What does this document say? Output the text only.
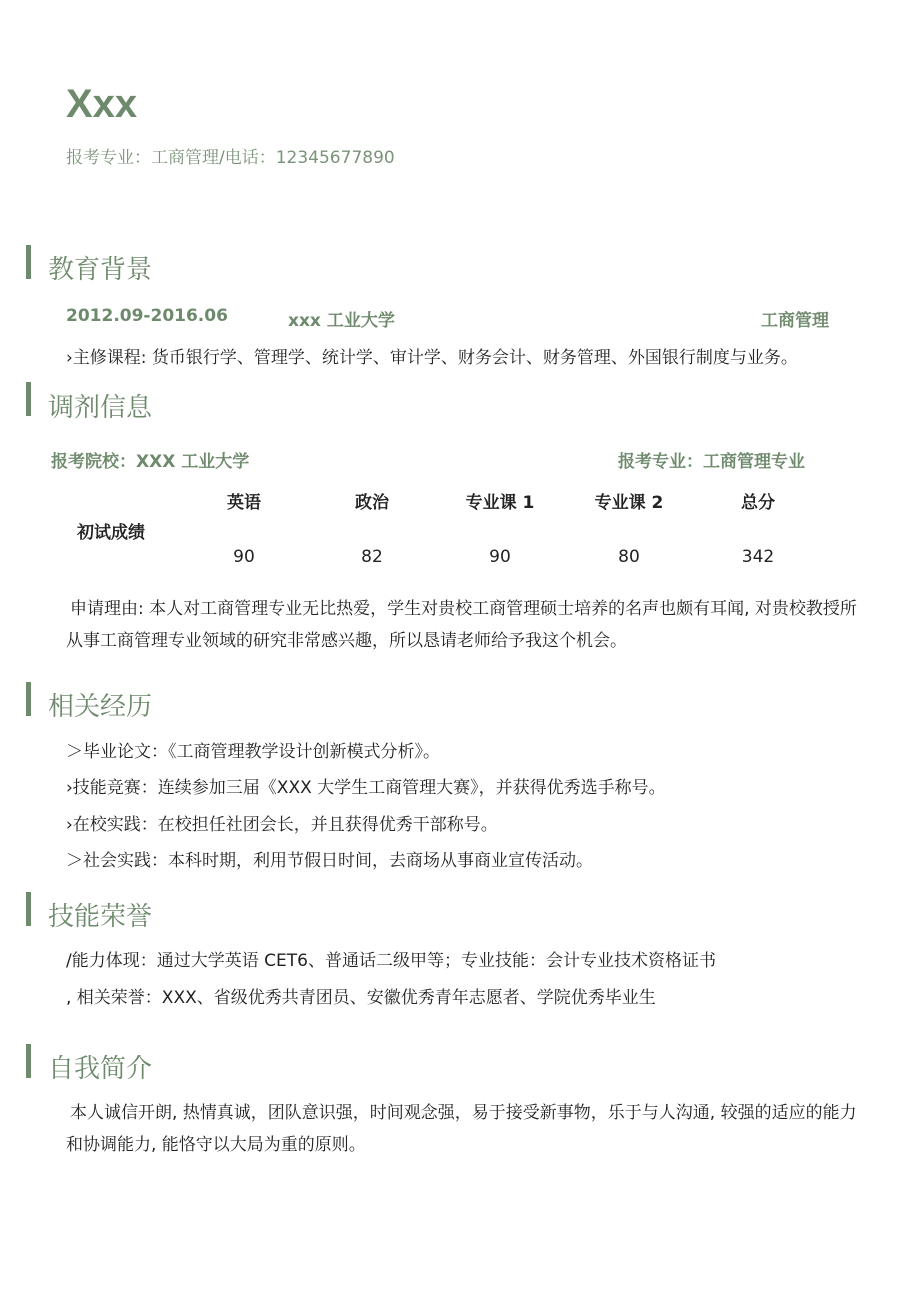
Xxx
报考专业：工商管理/电话：12345677890
教育背景
2012.09-2016.06	xxx 工业大学	工商管理
›主修课程: 货币银行学、管理学、统计学、审计学、财务会计、财务管理、外国银行制度与业务。
调剂信息
报考院校：XXX 工业大学	报考专业：工商管理专业
初试成绩
英语	政治	专业课 1	专业课 2	总分
90	82	90	80	342
申请理由: 本人对工商管理专业无比热爱，学生对贵校工商管理硕士培养的名声也颇有耳闻, 对贵校教授所从事工商管理专业领域的研究非常感兴趣，所以恳请老师给予我这个机会。
相关经历
＞毕业论文：《工商管理教学设计创新模式分析》。
›技能竞赛：连续参加三届《XXX 大学生工商管理大赛》，并获得优秀选手称号。
›在校实践：在校担任社团会长，并且获得优秀干部称号。
＞社会实践：本科时期，利用节假日时间，去商场从事商业宣传活动。
技能荣誉
/能力体现：通过大学英语 CET6、普通话二级甲等；专业技能：会计专业技术资格证书
, 相关荣誉：XXX、省级优秀共青团员、安徽优秀青年志愿者、学院优秀毕业生
自我简介
本人诚信开朗, 热情真诚，团队意识强，时间观念强，易于接受新事物，乐于与人沟通, 较强的适应的能力和协调能力, 能恪守以大局为重的原则。
